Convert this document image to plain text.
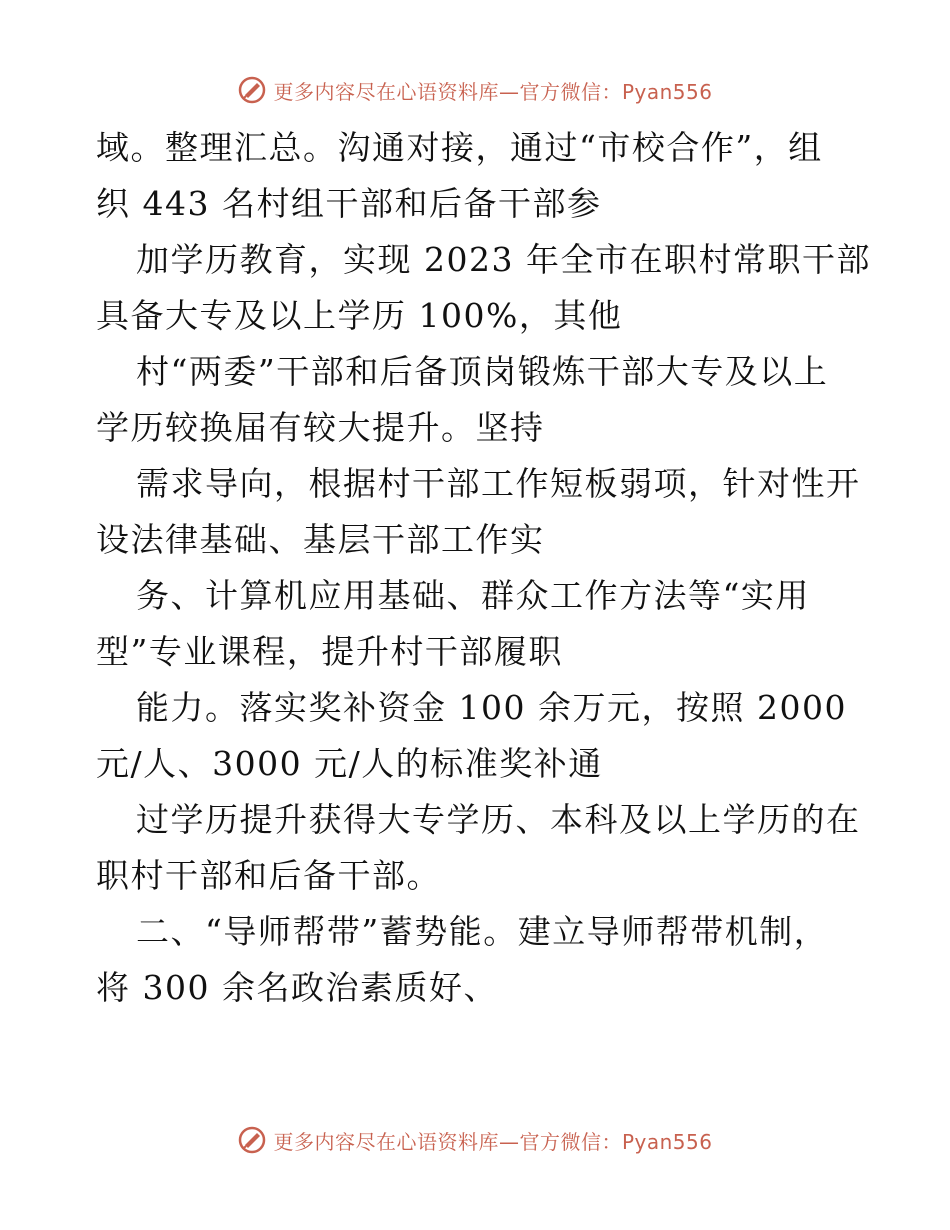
更多内容尽在心语资料库—官方微信：Pyan556
域。整理汇总。沟通对接，通过“市校合作”，组
织 443 名村组干部和后备干部参
加学历教育，实现 2023 年全市在职村常职干部
具备大专及以上学历 100%，其他
村“两委”干部和后备顶岗锻炼干部大专及以上
学历较换届有较大提升。坚持
需求导向，根据村干部工作短板弱项，针对性开
设法律基础、基层干部工作实
务、计算机应用基础、群众工作方法等“实用
型”专业课程，提升村干部履职
能力。落实奖补资金 100 余万元，按照 2000
元/人、3000 元/人的标准奖补通
过学历提升获得大专学历、本科及以上学历的在
职村干部和后备干部。
二、“导师帮带”蓄势能。建立导师帮带机制，
将 300 余名政治素质好、
更多内容尽在心语资料库—官方微信：Pyan556
